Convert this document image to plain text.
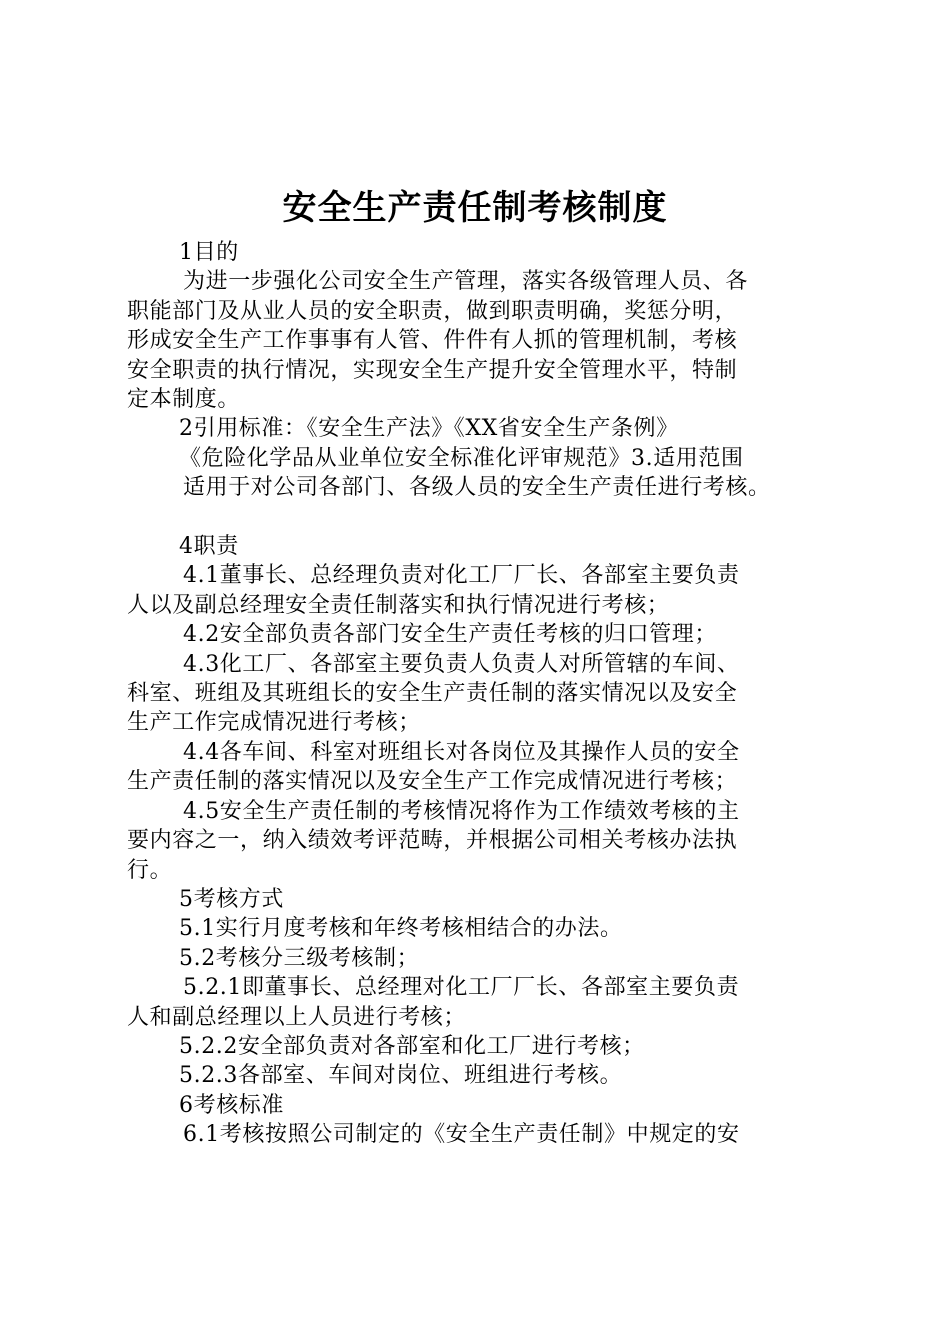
安全生产责任制考核制度

1目的

为进一步强化公司安全生产管理，落实各级管理人员、各

职能部门及从业人员的安全职责，做到职责明确，奖惩分明，

形成安全生产工作事事有人管、件件有人抓的管理机制，考核

安全职责的执行情况，实现安全生产提升安全管理水平，特制

定本制度。

2引用标准：《安全生产法》《XX省安全生产条例》

《危险化学品从业单位安全标准化评审规范》3.适用范围

适用于对公司各部门、各级人员的安全生产责任进行考核。

4职责

4.1董事长、总经理负责对化工厂厂长、各部室主要负责

人以及副总经理安全责任制落实和执行情况进行考核；

4.2安全部负责各部门安全生产责任考核的归口管理；

4.3化工厂、各部室主要负责人负责人对所管辖的车间、

科室、班组及其班组长的安全生产责任制的落实情况以及安全

生产工作完成情况进行考核；

4.4各车间、科室对班组长对各岗位及其操作人员的安全

生产责任制的落实情况以及安全生产工作完成情况进行考核；

4.5安全生产责任制的考核情况将作为工作绩效考核的主

要内容之一，纳入绩效考评范畴，并根据公司相关考核办法执

行。

5考核方式

5.1实行月度考核和年终考核相结合的办法。

5.2考核分三级考核制；

5.2.1即董事长、总经理对化工厂厂长、各部室主要负责

人和副总经理以上人员进行考核；

5.2.2安全部负责对各部室和化工厂进行考核；

5.2.3各部室、车间对岗位、班组进行考核。

6考核标准

6.1考核按照公司制定的《安全生产责任制》中规定的安
